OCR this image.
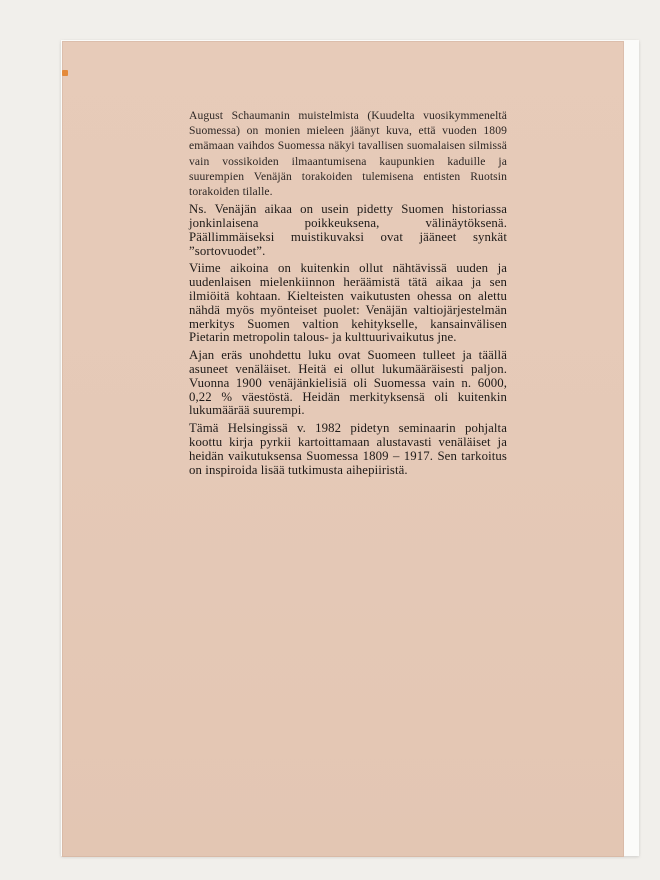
August Schaumanin muistelmista (Kuudelta vuosikymmeneltä Suomessa) on monien mieleen jäänyt kuva, että vuoden 1809 emämaan vaihdos Suomessa näkyi tavallisen suomalaisen silmissä vain vossikoiden ilmaantumisena kaupunkien kaduille ja suurempien Venäjän torakoiden tulemisena entisten Ruotsin torakoiden tilalle.

Ns. Venäjän aikaa on usein pidetty Suomen historiassa jonkinlaisena poikkeuksena, välinäytöksenä. Päällimmäiseksi muistikuvaksi ovat jääneet synkät ”sortovuodet”.

Viime aikoina on kuitenkin ollut nähtävissä uuden ja uudenlaisen mielenkiinnon heräämistä tätä aikaa ja sen ilmiöitä kohtaan. Kielteisten vaikutusten ohessa on alettu nähdä myös myönteiset puolet: Venäjän valtiojärjestelmän merkitys Suomen valtion kehitykselle, kansainvälisen Pietarin metropolin talous- ja kulttuurivaikutus jne.

Ajan eräs unohdettu luku ovat Suomeen tulleet ja täällä asuneet venäläiset. Heitä ei ollut lukumääräisesti paljon. Vuonna 1900 venäjänkielisiä oli Suomessa vain n. 6000, 0,22 % väestöstä. Heidän merkityksensä oli kuitenkin lukumäärää suurempi.

Tämä Helsingissä v. 1982 pidetyn seminaarin pohjalta koottu kirja pyrkii kartoittamaan alustavasti venäläiset ja heidän vaikutuksensa Suomessa 1809 – 1917. Sen tarkoitus on inspiroida lisää tutkimusta aihepiiristä.
